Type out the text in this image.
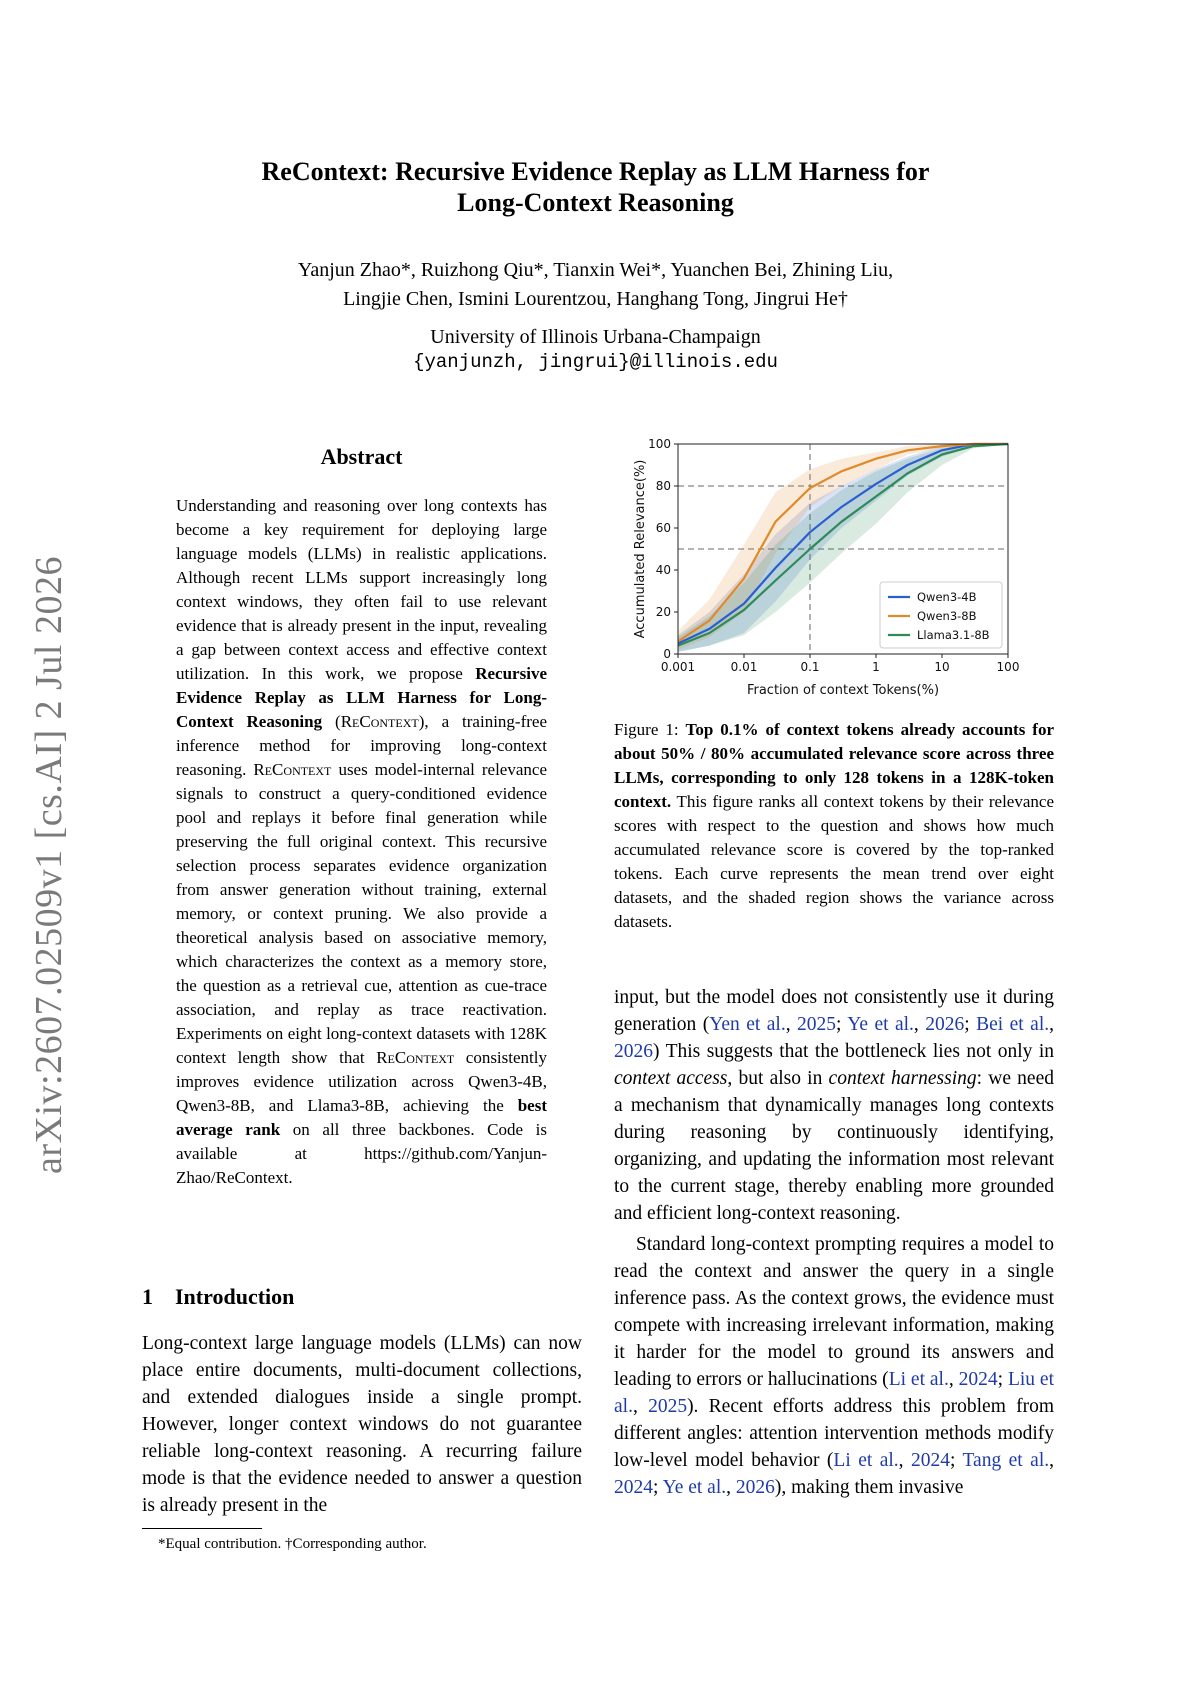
ReContext: Recursive Evidence Replay as LLM Harness for
Long-Context Reasoning
Yanjun Zhao*, Ruizhong Qiu*, Tianxin Wei*, Yuanchen Bei, Zhining Liu,
Lingjie Chen, Ismini Lourentzou, Hanghang Tong, Jingrui He†
University of Illinois Urbana-Champaign
{yanjunzh, jingrui}@illinois.edu
arXiv:2607.02509v1 [cs.AI] 2 Jul 2026
Abstract
Understanding and reasoning over long contexts has become a key requirement for deploying large language models (LLMs) in realistic applications. Although recent LLMs support increasingly long context windows, they often fail to use relevant evidence that is already present in the input, revealing a gap between context access and effective context utilization. In this work, we propose Recursive Evidence Replay as LLM Harness for Long-Context Reasoning (ReContext), a training-free inference method for improving long-context reasoning. ReContext uses model-internal relevance signals to construct a query-conditioned evidence pool and replays it before final generation while preserving the full original context. This recursive selection process separates evidence organization from answer generation without training, external memory, or context pruning. We also provide a theoretical analysis based on associative memory, which characterizes the context as a memory store, the question as a retrieval cue, attention as cue-trace association, and replay as trace reactivation. Experiments on eight long-context datasets with 128K context length show that ReContext consistently improves evidence utilization across Qwen3-4B, Qwen3-8B, and Llama3-8B, achieving the best average rank on all three backbones. Code is available at https://github.com/Yanjun-Zhao/ReContext.
1 Introduction
Long-context large language models (LLMs) can now place entire documents, multi-document collections, and extended dialogues inside a single prompt. However, longer context windows do not guarantee reliable long-context reasoning. A recurring failure mode is that the evidence needed to answer a question is already present in the
*Equal contribution. †Corresponding author.
0.001	0.01	0.1	1	10	100
0
20
40
60
80
100
Fraction of context Tokens(%)
Accumulated Relevance(%)	Qwen3-4B
Qwen3-8B
Llama3.1-8B
Figure 1: Top 0.1% of context tokens already accounts for about 50% / 80% accumulated relevance score across three LLMs, corresponding to only 128 tokens in a 128K-token context. This figure ranks all context tokens by their relevance scores with respect to the question and shows how much accumulated relevance score is covered by the top-ranked tokens. Each curve represents the mean trend over eight datasets, and the shaded region shows the variance across datasets.

input, but the model does not consistently use it during generation (Yen et al., 2025; Ye et al., 2026; Bei et al., 2026) This suggests that the bottleneck lies not only in context access, but also in context harnessing: we need a mechanism that dynamically manages long contexts during reasoning by continuously identifying, organizing, and updating the information most relevant to the current stage, thereby enabling more grounded and efficient long-context reasoning.

Standard long-context prompting requires a model to read the context and answer the query in a single inference pass. As the context grows, the evidence must compete with increasing irrelevant information, making it harder for the model to ground its answers and leading to errors or hallucinations (Li et al., 2024; Liu et al., 2025). Recent efforts address this problem from different angles: attention intervention methods modify low-level model behavior (Li et al., 2024; Tang et al., 2024; Ye et al., 2026), making them invasive
